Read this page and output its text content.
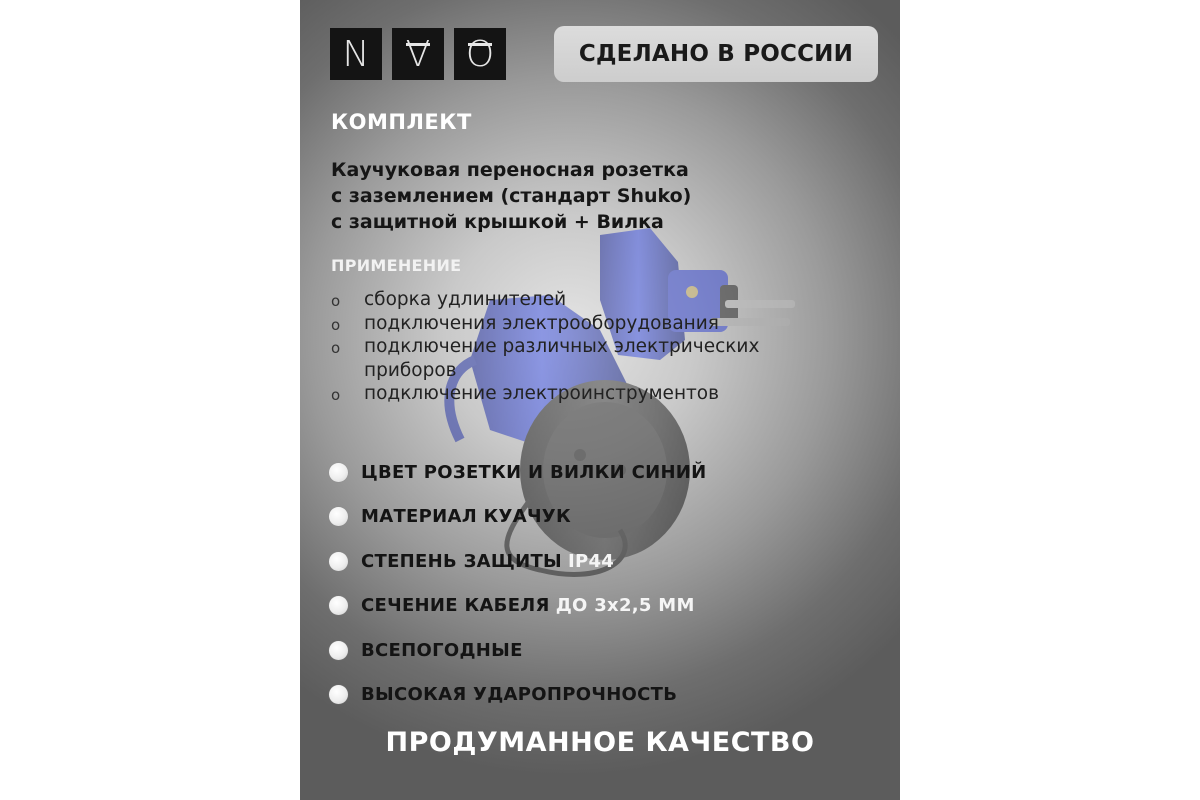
N V O	СДЕЛАНО В РОССИИ
КОМПЛЕКТ
Каучуковая переносная розетка
с заземлением (стандарт Shuko)
с защитной крышкой + Вилка
ПРИМЕНЕНИЕ
o сборка удлинителей
o подключения электрооборудования
o подключение различных электрических
приборов
o подключение электроинструментов
ЦВЕТ РОЗЕТКИ И ВИЛКИ СИНИЙ
МАТЕРИАЛ КУАЧУК
СТЕПЕНЬ ЗАЩИТЫ IP44
СЕЧЕНИЕ КАБЕЛЯ ДО 3x2,5 ММ
ВСЕПОГОДНЫЕ
ВЫСОКАЯ УДАРОПРОЧНОСТЬ
ПРОДУМАННОЕ КАЧЕСТВО
